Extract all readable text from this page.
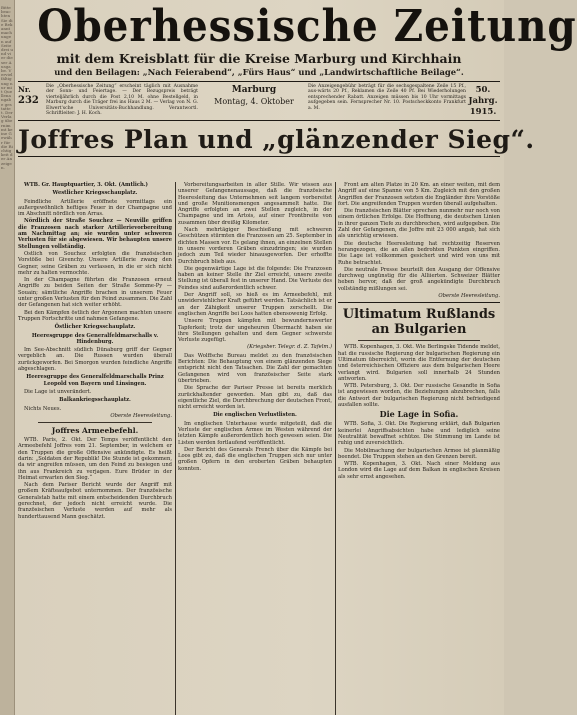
Bitte beachten Sie die Bekanntmachungen auf Seite drei und vier dieser Ausgabe. Vervielfältigung nur mit Quellenangabe gestattet. Der Verlag übernimmt keine Gewähr für die Richtigkeit der Anzeigen.
Oberhessische Zeitung
mit dem Kreisblatt für die Kreise Marburg und Kirchhain
und den Beilagen: „Nach Feierabend“, „Fürs Haus“ und „Landwirtschaftliche Beilage“.
Nr.
232
Die „Oberhessische Zeitung“ erscheint täglich mit Ausnahme der Sonn- und Feiertage. — Der Bezugspreis beträgt vierteljährlich durch die Post 2,10 M. ohne Bestellgeld, in Marburg durch die Träger frei ins Haus 2 M. — Verlag von N. G. Elwert'sche Universitäts-Buchhandlung. Verantwortl. Schriftleiter: J. H. Koch.
Marburg
Montag, 4. Oktober
Die Anzeigengebühr beträgt für die sechsgespaltene Zeile 15 Pf., aus-wärts 20 Pf., Reklamen die Zeile 40 Pf. Bei Wiederholungen entsprechender Rabatt. Anzeigen müssen bis 10 Uhr vormittags aufgegeben sein. Fernsprecher Nr. 10. Postscheckkonto Frankfurt a. M.
50. Jahrg.
1915.
Joffres Plan und „glänzender Sieg“.

WTB. Gr. Hauptquartier, 3. Okt. (Amtlich.)

Westlicher Kriegsschauplatz.

Feindliche Artillerie eröffnete vormittags ein außergewöhnlich heftiges Feuer in der Champagne und im Abschnitt nördlich von Arras.

Nördlich der Straße Souchez — Neuville griffen die Franzosen nach starker Artillerievorbereitung am Nachmittag an; sie wurden unter schweren Verlusten für sie abgewiesen. Wir behaupten unsere Stellungen vollständig.

Ostlich von Souchez erfolgten die französischen Vorstöße bei Givenchy. Unsere Artillerie zwang den Gegner, seine Gräben zu verlassen, in die er sich nicht mehr zu halten vermochte.

In der Champagne führten die Franzosen erneut Angriffe zu beiden Seiten der Straße Somme-Py — Souain; sämtliche Angriffe brachen in unserem Feuer unter großen Verlusten für den Feind zusammen. Die Zahl der Gefangenen hat sich weiter erhöht.

Bei den Kämpfen östlich der Argonnen machten unsere Truppen Fortschritte und nahmen Gefangene.

Östlicher Kriegsschauplatz.
Heeresgruppe des Generalfeldmarschalls v. Hindenburg.

Im See-Abschnitt südlich Dünaburg griff der Gegner vergeblich an. Die Russen wurden überall zurückgeworfen. Bei Smorgon wurden feindliche Angriffe abgeschlagen.

Heeresgruppe des Generalfeldmarschalls Prinz Leopold von Bayern und Linsingen.

Die Lage ist unverändert.

Balkankriegsschauplatz.

Nichts Neues.

Oberste Heeresleitung.
Joffres Armeebefehl.

WTB. Paris, 2. Okt. Der Temps veröffentlicht den Armeebefehl Joffres vom 21. September, in welchem er den Truppen die große Offensive ankündigte. Es heißt darin: „Soldaten der Republik! Die Stunde ist gekommen, da wir angreifen müssen, um den Feind zu besiegen und ihn aus Frankreich zu verjagen. Eure Brüder in der Heimat erwarten den Sieg.“

Nach dem Pariser Bericht wurde der Angriff mit großem Kräfteaufgebot unternommen. Der französische Generalstab hatte mit einem entscheidenden Durchbruch gerechnet, der jedoch nicht erreicht wurde. Die französischen Verluste werden auf mehr als hunderttausend Mann geschätzt.

Vorbereitungsarbeiten in aller Stille. Wir wissen aus unserer Gefangenenaussage, daß die französische Heeresleitung das Unternehmen seit langem vorbereitet und große Munitionsmengen angesammelt hatte. Die Angriffe erfolgten an zwei Stellen zugleich, in der Champagne und im Artois, auf einer Frontbreite von zusammen über dreißig Kilometer.

Nach mehrtägiger Beschießung mit schweren Geschützen stürmten die Franzosen am 25. September in dichten Massen vor. Es gelang ihnen, an einzelnen Stellen in unsere vorderen Gräben einzudringen; sie wurden jedoch zum Teil wieder hinausgeworfen. Der erhoffte Durchbruch blieb aus.

Die gegenwärtige Lage ist die folgende: Die Franzosen haben an keiner Stelle ihr Ziel erreicht, unsere zweite Stellung ist überall fest in unserer Hand. Die Verluste des Feindes sind außerordentlich schwer.

Der Angriff soll, so hieß es im Armeebefehl, mit unwiderstehlicher Kraft geführt werden. Tatsächlich ist er an der Zähigkeit unserer Truppen zerschellt. Die englischen Angriffe bei Loos hatten ebensowenig Erfolg.

Unsere Truppen kämpfen mit bewundernswerter Tapferkeit; trotz der ungeheuren Übermacht haben sie ihre Stellungen gehalten und dem Gegner schwerste Verluste zugefügt.

(Kriegsber. Telegr. d. Z. Tafelm.)

Das Wolffsche Bureau meldet zu den französischen Berichten: Die Behauptung von einem glänzenden Siege entspricht nicht den Tatsachen. Die Zahl der gemachten Gefangenen wird von französischer Seite stark übertrieben.

Die Sprache der Pariser Presse ist bereits merklich zurückhaltender geworden. Man gibt zu, daß das eigentliche Ziel, die Durchbrechung der deutschen Front, nicht erreicht worden ist.

Die englischen Verlustlisten.

Im englischen Unterhause wurde mitgeteilt, daß die Verluste der englischen Armee im Westen während der letzten Kämpfe außerordentlich hoch gewesen seien. Die Listen werden fortlaufend veröffentlicht.

Der Bericht des Generals French über die Kämpfe bei Loos gibt zu, daß die englischen Truppen sich nur unter großen Opfern in den eroberten Gräben behaupten konnten.

Front am alten Platze in 20 Km. an einer weiten, mit dem Angriff auf eine Spanne von 5 Km. Zugleich mit den großen Angriffen der Franzosen setzten die Engländer ihre Vorstöße fort. Die angreifenden Truppen wurden überall aufgehalten.

Die französischen Blätter sprechen nunmehr nur noch von einem örtlichen Erfolge. Die Hoffnung, die deutschen Linien in ihrer ganzen Tiefe zu durchbrechen, wird aufgegeben. Die Zahl der Gefangenen, die Joffre mit 23 000 angab, hat sich als unrichtig erwiesen.

Die deutsche Heeresleitung hat rechtzeitig Reserven herangezogen, die an allen bedrohten Punkten eingriffen. Die Lage ist vollkommen gesichert und wird von uns mit Ruhe betrachtet.

Die neutrale Presse beurteilt den Ausgang der Offensive durchweg ungünstig für die Alliierten. Schweizer Blätter heben hervor, daß der groß angekündigte Durchbruch vollständig mißlungen sei.

Oberste Heeresleitung.
Ultimatum Rußlands an Bulgarien

WTB. Kopenhagen, 3. Okt. Wie Berlingske Tidende meldet, hat die russische Regierung der bulgarischen Regierung ein Ultimatum überreicht, worin die Entfernung der deutschen und österreichischen Offiziere aus dem bulgarischen Heere verlangt wird. Bulgarien soll innerhalb 24 Stunden antworten.

WTB. Petersburg, 3. Okt. Der russische Gesandte in Sofia ist angewiesen worden, die Beziehungen abzubrechen, falls die Antwort der bulgarischen Regierung nicht befriedigend ausfallen sollte.

Die Lage in Sofia.

WTB. Sofia, 3. Okt. Die Regierung erklärt, daß Bulgarien keinerlei Angriffsabsichten habe und lediglich seine Neutralität bewaffnet schütze. Die Stimmung im Lande ist ruhig und zuversichtlich.

Die Mobilmachung der bulgarischen Armee ist planmäßig beendet. Die Truppen stehen an den Grenzen bereit.

WTB. Kopenhagen, 3. Okt. Nach einer Meldung aus London wird die Lage auf dem Balkan in englischen Kreisen als sehr ernst angesehen.
